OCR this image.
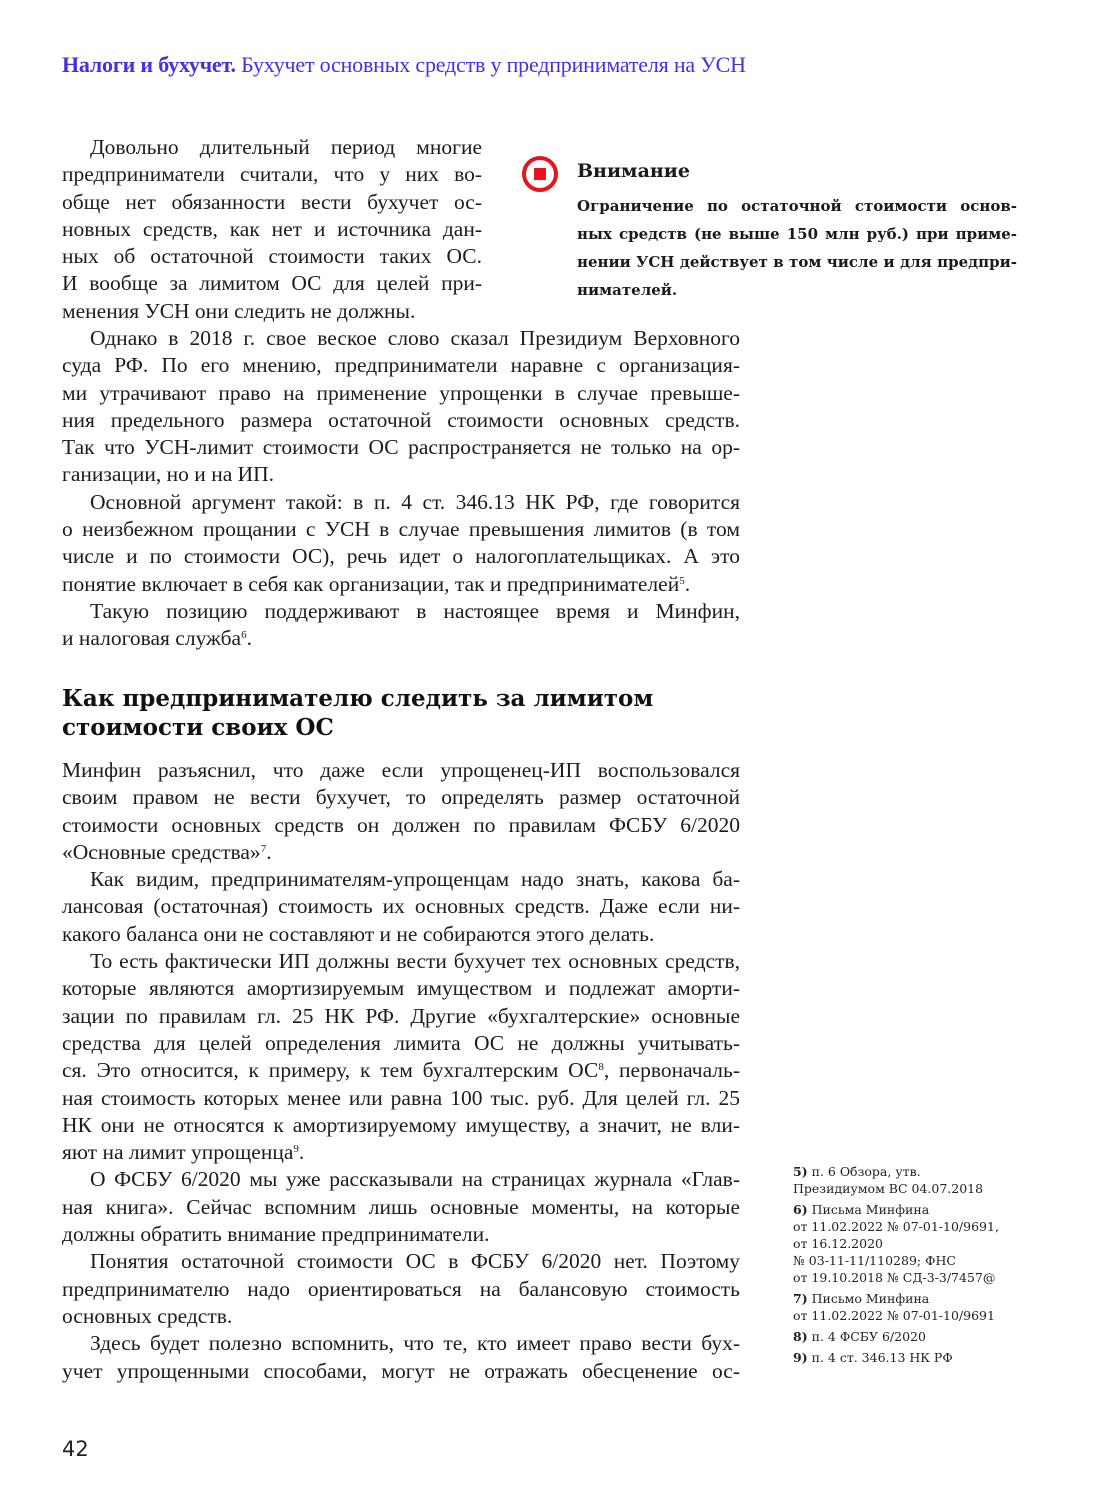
Налоги и бухучет. Бухучет основных средств у предпринимателя на УСН
Довольно длительный период многие
предприниматели считали, что у них во-
обще нет обязанности вести бухучет ос-
новных средств, как нет и источника дан-
ных об остаточной стоимости таких ОС.
И вообще за лимитом ОС для целей при-
менения УСН они следить не должны.
Внимание
Ограничение по остаточной стоимости основ-
ных средств (не выше 150 млн руб.) при приме-
нении УСН действует в том числе и для предпри-
нимателей.
Однако в 2018 г. свое веское слово сказал Президиум Верховного
суда РФ. По его мнению, предприниматели наравне с организация-
ми утрачивают право на применение упрощенки в случае превыше-
ния предельного размера остаточной стоимости основных средств.
Так что УСН-лимит стоимости ОС распространяется не только на ор-
ганизации, но и на ИП.
Основной аргумент такой: в п. 4 ст. 346.13 НК РФ, где говорится
о неизбежном прощании с УСН в случае превышения лимитов (в том
числе и по стоимости ОС), речь идет о налогоплательщиках. А это
понятие включает в себя как организации, так и предпринимателей$^5$.
Такую позицию поддерживают в настоящее время и Минфин,
и налоговая служба$^6$.
Как предпринимателю следить за лимитом
стоимости своих ОС
Минфин разъяснил, что даже если упрощенец-ИП воспользовался
своим правом не вести бухучет, то определять размер остаточной
стоимости основных средств он должен по правилам ФСБУ 6/2020
«Основные средства»$^7$.
Как видим, предпринимателям-упрощенцам надо знать, какова ба-
лансовая (остаточная) стоимость их основных средств. Даже если ни-
какого баланса они не составляют и не собираются этого делать.
То есть фактически ИП должны вести бухучет тех основных средств,
которые являются амортизируемым имуществом и подлежат аморти-
зации по правилам гл. 25 НК РФ. Другие «бухгалтерские» основные
средства для целей определения лимита ОС не должны учитывать-
ся. Это относится, к примеру, к тем бухгалтерским $ОС^8$, первоначаль-
ная стоимость которых менее или равна 100 тыс. руб. Для целей гл. 25
НК они не относятся к амортизируемому имуществу, а значит, не вли-
яют на лимит упрощенца$^9$.
О ФСБУ 6/2020 мы уже рассказывали на страницах журнала «Глав-
ная книга». Сейчас вспомним лишь основные моменты, на которые
должны обратить внимание предприниматели.
Понятия остаточной стоимости ОС в ФСБУ 6/2020 нет. Поэтому
предпринимателю надо ориентироваться на балансовую стоимость
основных средств.
Здесь будет полезно вспомнить, что те, кто имеет право вести бух-
учет упрощенными способами, могут не отражать обесценение ос-
5) п. 6 Обзора, утв.
Президиумом ВС 04.07.2018
6) Письма Минфина
от 11.02.2022 № 07-01-10/9691,
от 16.12.2020
№ 03-11-11/110289; ФНС
от 19.10.2018 № СД-3-3/7457@
7) Письмо Минфина
от 11.02.2022 № 07-01-10/9691
8) п. 4 ФСБУ 6/2020
9) п. 4 ст. 346.13 НК РФ
42
